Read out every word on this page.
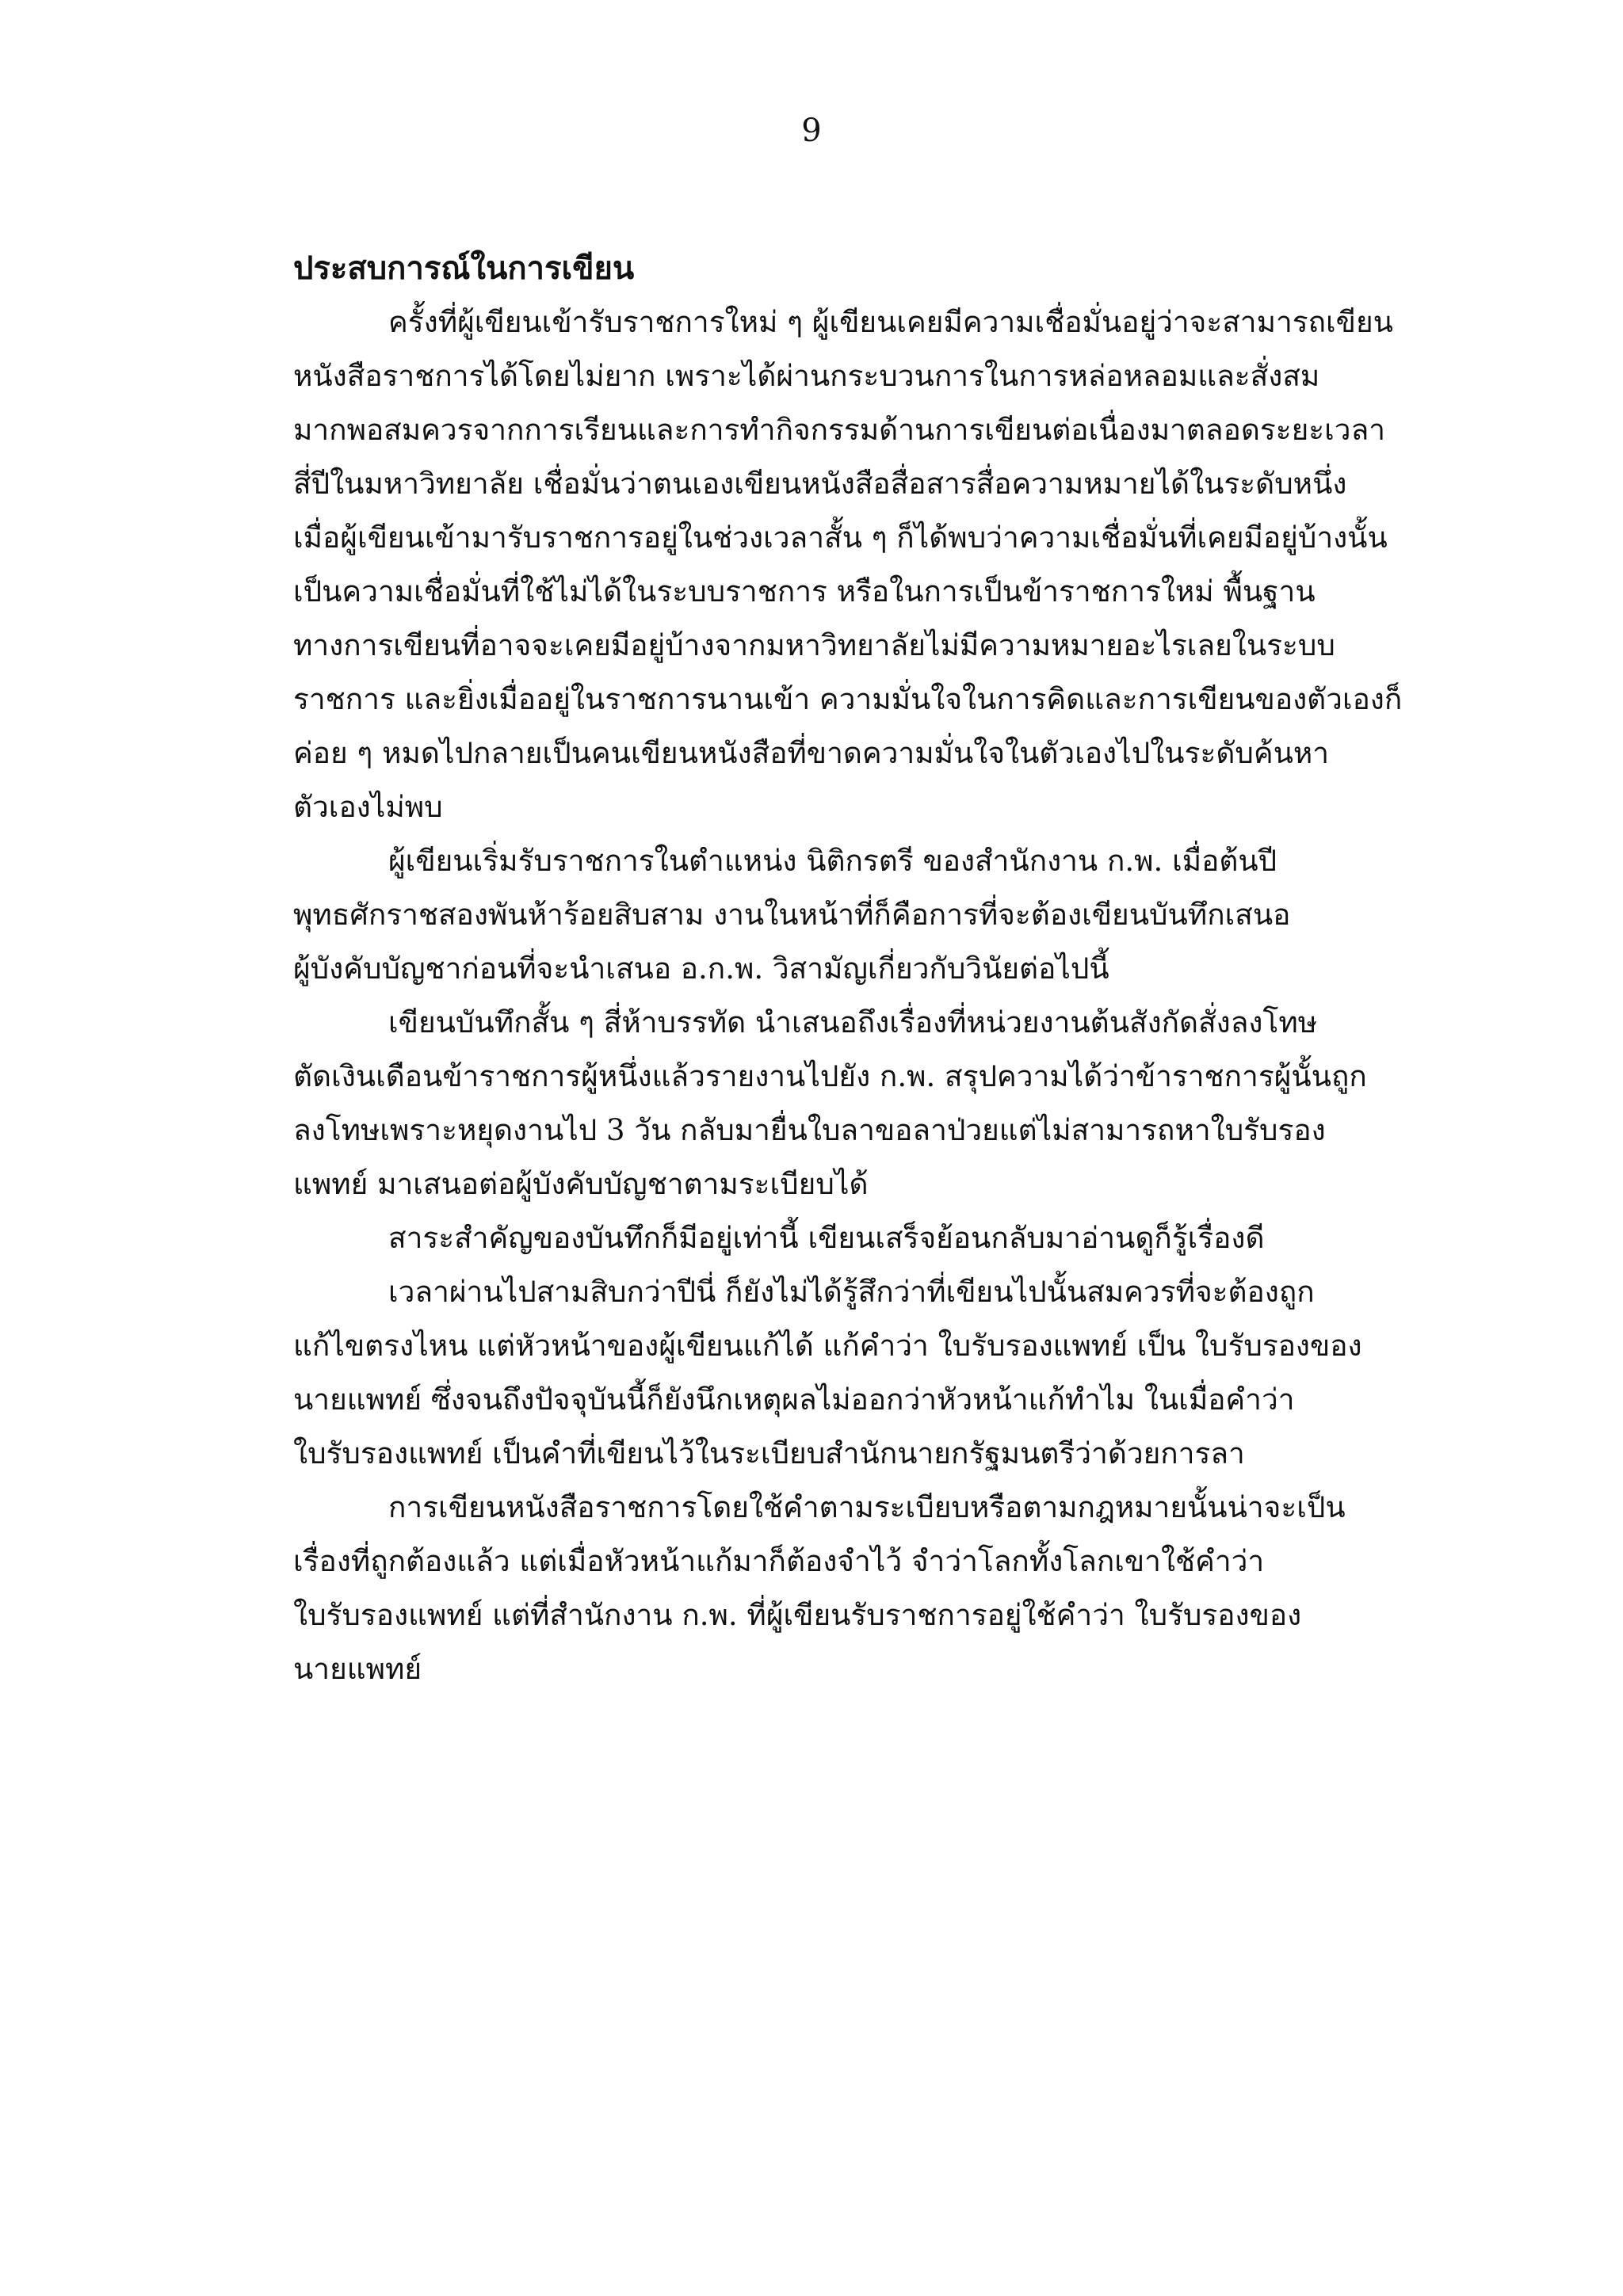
9
ประสบการณ์ในการเขียน
ครั้งที่ผู้เขียนเข้ารับราชการใหม่ ๆ ผู้เขียนเคยมีความเชื่อมั่นอยู่ว่าจะสามารถเขียน
หนังสือราชการได้โดยไม่ยาก เพราะได้ผ่านกระบวนการในการหล่อหลอมและสั่งสม
มากพอสมควรจากการเรียนและการทำกิจกรรมด้านการเขียนต่อเนื่องมาตลอดระยะเวลา
สี่ปีในมหาวิทยาลัย เชื่อมั่นว่าตนเองเขียนหนังสือสื่อสารสื่อความหมายได้ในระดับหนึ่ง
เมื่อผู้เขียนเข้ามารับราชการอยู่ในช่วงเวลาสั้น ๆ ก็ได้พบว่าความเชื่อมั่นที่เคยมีอยู่บ้างนั้น
เป็นความเชื่อมั่นที่ใช้ไม่ได้ในระบบราชการ หรือในการเป็นข้าราชการใหม่ พื้นฐาน
ทางการเขียนที่อาจจะเคยมีอยู่บ้างจากมหาวิทยาลัยไม่มีความหมายอะไรเลยในระบบ
ราชการ และยิ่งเมื่ออยู่ในราชการนานเข้า ความมั่นใจในการคิดและการเขียนของตัวเองก็
ค่อย ๆ หมดไปกลายเป็นคนเขียนหนังสือที่ขาดความมั่นใจในตัวเองไปในระดับค้นหา
ตัวเองไม่พบ
ผู้เขียนเริ่มรับราชการในตำแหน่ง นิติกรตรี ของสำนักงาน ก.พ. เมื่อต้นปี
พุทธศักราชสองพันห้าร้อยสิบสาม งานในหน้าที่ก็คือการที่จะต้องเขียนบันทึกเสนอ
ผู้บังคับบัญชาก่อนที่จะนำเสนอ อ.ก.พ. วิสามัญเกี่ยวกับวินัยต่อไปนี้
เขียนบันทึกสั้น ๆ สี่ห้าบรรทัด นำเสนอถึงเรื่องที่หน่วยงานต้นสังกัดสั่งลงโทษ
ตัดเงินเดือนข้าราชการผู้หนึ่งแล้วรายงานไปยัง ก.พ. สรุปความได้ว่าข้าราชการผู้นั้นถูก
ลงโทษเพราะหยุดงานไป 3 วัน กลับมายื่นใบลาขอลาป่วยแต่ไม่สามารถหาใบรับรอง
แพทย์ มาเสนอต่อผู้บังคับบัญชาตามระเบียบได้
สาระสำคัญของบันทึกก็มีอยู่เท่านี้ เขียนเสร็จย้อนกลับมาอ่านดูก็รู้เรื่องดี
เวลาผ่านไปสามสิบกว่าปีนี่ ก็ยังไม่ได้รู้สึกว่าที่เขียนไปนั้นสมควรที่จะต้องถูก
แก้ไขตรงไหน แต่หัวหน้าของผู้เขียนแก้ได้ แก้คำว่า ใบรับรองแพทย์ เป็น ใบรับรองของ
นายแพทย์ ซึ่งจนถึงปัจจุบันนี้ก็ยังนึกเหตุผลไม่ออกว่าหัวหน้าแก้ทำไม ในเมื่อคำว่า
ใบรับรองแพทย์ เป็นคำที่เขียนไว้ในระเบียบสำนักนายกรัฐมนตรีว่าด้วยการลา
การเขียนหนังสือราชการโดยใช้คำตามระเบียบหรือตามกฎหมายนั้นน่าจะเป็น
เรื่องที่ถูกต้องแล้ว แต่เมื่อหัวหน้าแก้มาก็ต้องจำไว้ จำว่าโลกทั้งโลกเขาใช้คำว่า
ใบรับรองแพทย์ แต่ที่สำนักงาน ก.พ. ที่ผู้เขียนรับราชการอยู่ใช้คำว่า ใบรับรองของ
นายแพทย์
